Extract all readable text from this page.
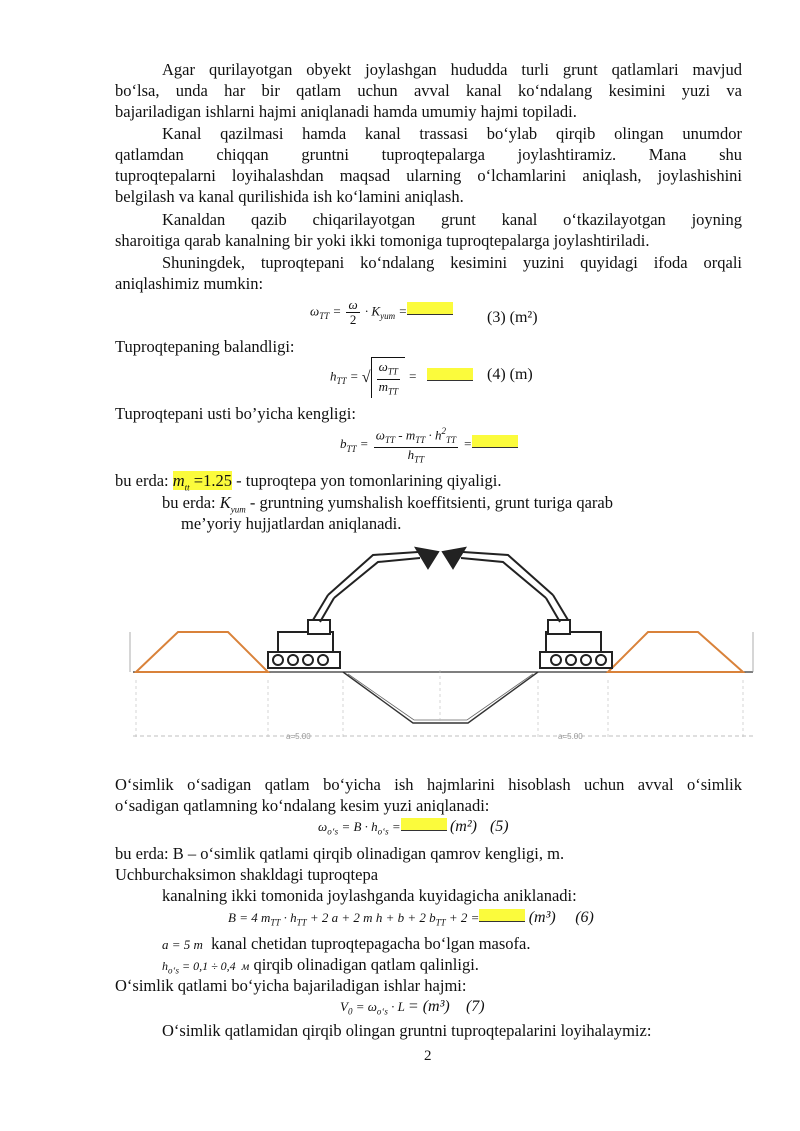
Agar qurilayotgan obyekt joylashgan hududda turli grunt qatlamlari mavjud
bo‘lsa, unda har bir qatlam uchun avval kanal ko‘ndalang kesimini yuzi va
bajariladigan ishlarni hajmi aniqlanadi hamda umumiy hajmi topiladi.
Kanal qazilmasi hamda kanal trassasi bo‘ylab qirqib olingan unumdor
qatlamdan chiqqan gruntni tuproqtepalarga joylashtiramiz. Mana shu
tuproqtepalarni loyihalashdan maqsad ularning o‘lchamlarini aniqlash, joylashishini
belgilash va kanal qurilishida ish ko‘lamini aniqlash.
Kanaldan qazib chiqarilayotgan grunt kanal o‘tkazilayotgan joyning
sharoitiga qarab kanalning bir yoki ikki tomoniga tuproqtepalarga joylashtiriladi.
Shuningdek, tuproqtepani ko‘ndalang kesimini yuzini quyidagi ifoda orqali
aniqlashimiz mumkin:
$\omega_{TT} = \frac{\omega}{2} \cdot K_{yum}$ =	(3) (m²)
Tuproqtepaning balandligi:
$h_{TT}$ = √ $\frac{\omega_{TT}}{m_{TT}}$ =	(4) (m)
Tuproqtepani usti bo’yicha kengligi:
$b_{TT} = \frac{\omega_{TT} - m_{TT} \cdot h^2_{TT}}{h_{TT}}$ =
bu erda: $m_{tt} =1.25$ - tuproqtepa yon tomonlarining qiyaligi.
bu erda: $K_{yum}$ - gruntning yumshalish koeffitsienti, grunt turiga qarab
me’yoriy hujjatlardan aniqlanadi.
a=5.00	a=5.00
O‘simlik o‘sadigan qatlam bo‘yicha ish hajmlarini hisoblash uchun avval o‘simlik
o‘sadigan qatlamning ko‘ndalang kesim yuzi aniqlanadi:
$\omega_{o‘s} = B \cdot h_{o‘s}$ =	(m²) (5)
bu erda: B – o‘simlik qatlami qirqib olinadigan qamrov kengligi, m.
Uchburchaksimon shakldagi tuproqtepa
kanalning ikki tomonida joylashganda kuyidagicha aniklanadi:
B = 4 $m_{TT} \cdot h_{TT} + 2$ a + 2 m h + b + 2 $b_{TT} + 2$ =	(m³) (6)
a = 5 m kanal chetidan tuproqtepagacha bo‘lgan masofa.
$h_{o‘s} = 0,1 \div 0,4$  м qirqib olinadigan qatlam qalinligi.
O‘simlik qatlami bo‘yicha bajariladigan ishlar hajmi:
$V_0 = \omega_{o‘s} \cdot L = (m^3)$ (7)
O‘simlik qatlamidan qirqib olingan gruntni tuproqtepalarini loyihalaymiz:
2
